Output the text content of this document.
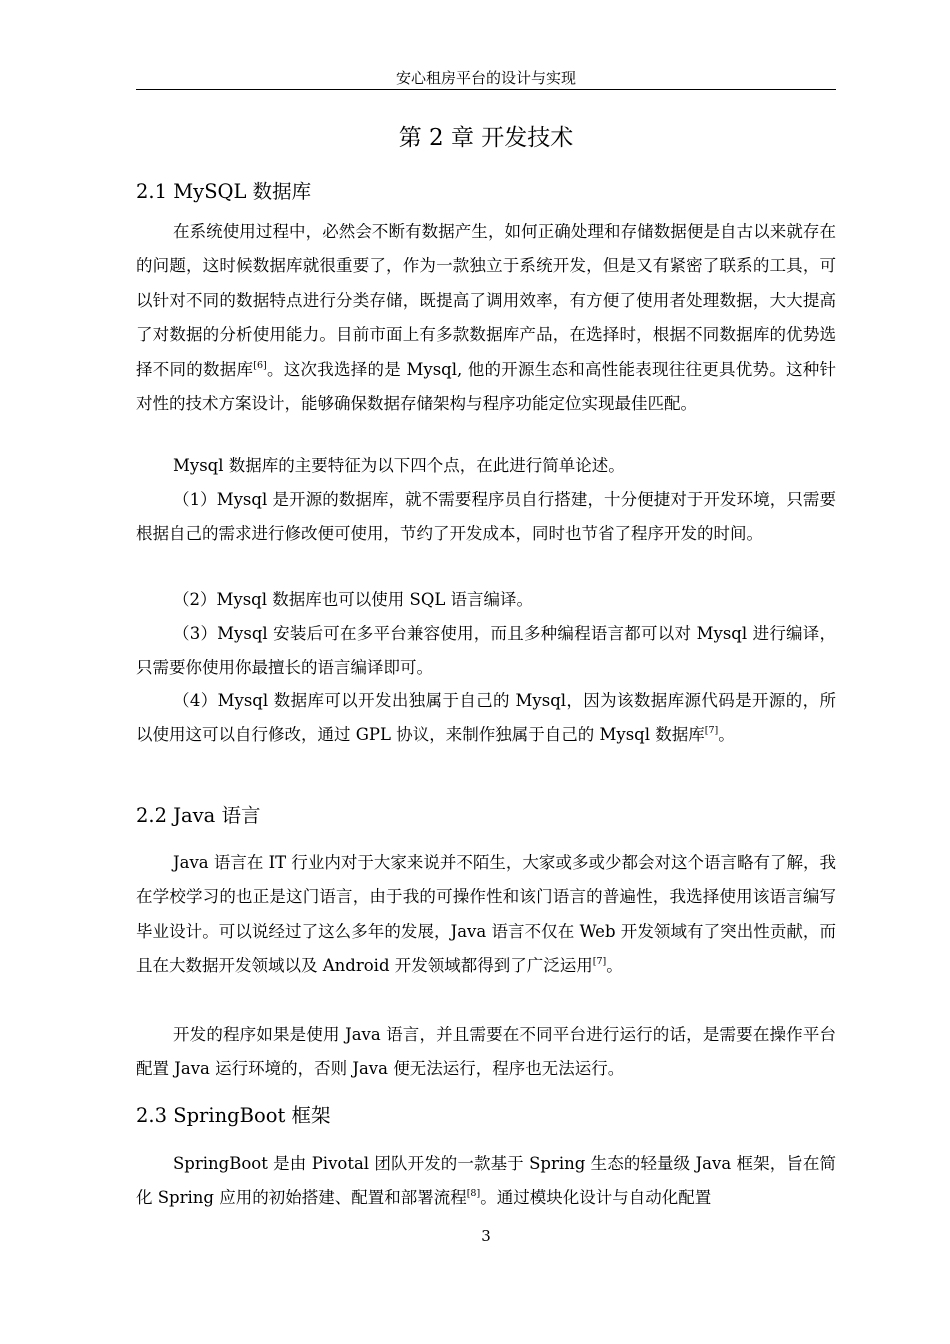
安心租房平台的设计与实现
第 2 章 开发技术
2.1 MySQL 数据库

在系统使用过程中，必然会不断有数据产生，如何正确处理和存储数据便是自古以来就存在的问题，这时候数据库就很重要了，作为一款独立于系统开发，但是又有紧密了联系的工具，可以针对不同的数据特点进行分类存储，既提高了调用效率，有方便了使用者处理数据，大大提高了对数据的分析使用能力。目前市面上有多款数据库产品，在选择时，根据不同数据库的优势选择不同的数据库[6]。这次我选择的是 Mysql, 他的开源生态和高性能表现往往更具优势。这种针对性的技术方案设计，能够确保数据存储架构与程序功能定位实现最佳匹配。

Mysql 数据库的主要特征为以下四个点，在此进行简单论述。

（1）Mysql 是开源的数据库，就不需要程序员自行搭建，十分便捷对于开发环境，只需要根据自己的需求进行修改便可使用，节约了开发成本，同时也节省了程序开发的时间。

（2）Mysql 数据库也可以使用 SQL 语言编译。

（3）Mysql 安装后可在多平台兼容使用，而且多种编程语言都可以对 Mysql 进行编译，只需要你使用你最擅长的语言编译即可。

（4）Mysql 数据库可以开发出独属于自己的 Mysql，因为该数据库源代码是开源的，所以使用这可以自行修改，通过 GPL 协议，来制作独属于自己的 Mysql 数据库[7]。

2.2 Java 语言

Java 语言在 IT 行业内对于大家来说并不陌生，大家或多或少都会对这个语言略有了解，我在学校学习的也正是这门语言，由于我的可操作性和该门语言的普遍性，我选择使用该语言编写毕业设计。可以说经过了这么多年的发展，Java 语言不仅在 Web 开发领域有了突出性贡献，而且在大数据开发领域以及 Android 开发领域都得到了广泛运用[7]。

开发的程序如果是使用 Java 语言，并且需要在不同平台进行运行的话，是需要在操作平台配置 Java 运行环境的，否则 Java 便无法运行，程序也无法运行。

2.3 SpringBoot 框架

SpringBoot 是由 Pivotal 团队开发的一款基于 Spring 生态的轻量级 Java 框架，旨在简化 Spring 应用的初始搭建、配置和部署流程[8]。通过模块化设计与自动化配置

3
